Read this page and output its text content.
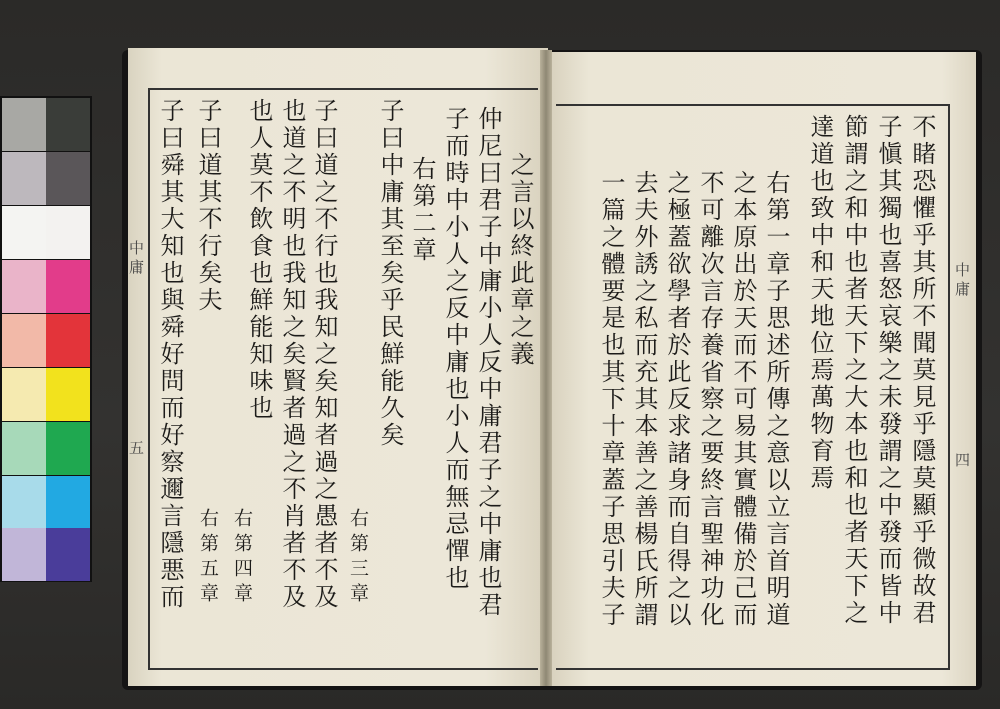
中庸
五
中庸
四
之言以終此章之義
仲尼曰君子中庸小人反中庸君子之中庸也君
子而時中小人之反中庸也小人而無忌憚也
右第二章
子曰中庸其至矣乎民鮮能久矣
右第三章
子曰道之不行也我知之矣知者過之愚者不及
也道之不明也我知之矣賢者過之不肖者不及
也人莫不飲食也鮮能知味也
右第四章
子曰道其不行矣夫
右第五章
子曰舜其大知也與舜好問而好察邇言隱悪而	不睹恐懼乎其所不聞莫見乎隱莫顯乎微故君
子愼其獨也喜怒哀樂之未發謂之中發而皆中
節謂之和中也者天下之大本也和也者天下之
達道也致中和天地位焉萬物育焉
右第一章子思述所傳之意以立言首明道
之本原出於天而不可易其實體備於己而
不可離次言存養省察之要終言聖神功化
之極蓋欲學者於此反求諸身而自得之以
去夫外誘之私而充其本善之善楊氏所謂
一篇之體要是也其下十章蓋子思引夫子
